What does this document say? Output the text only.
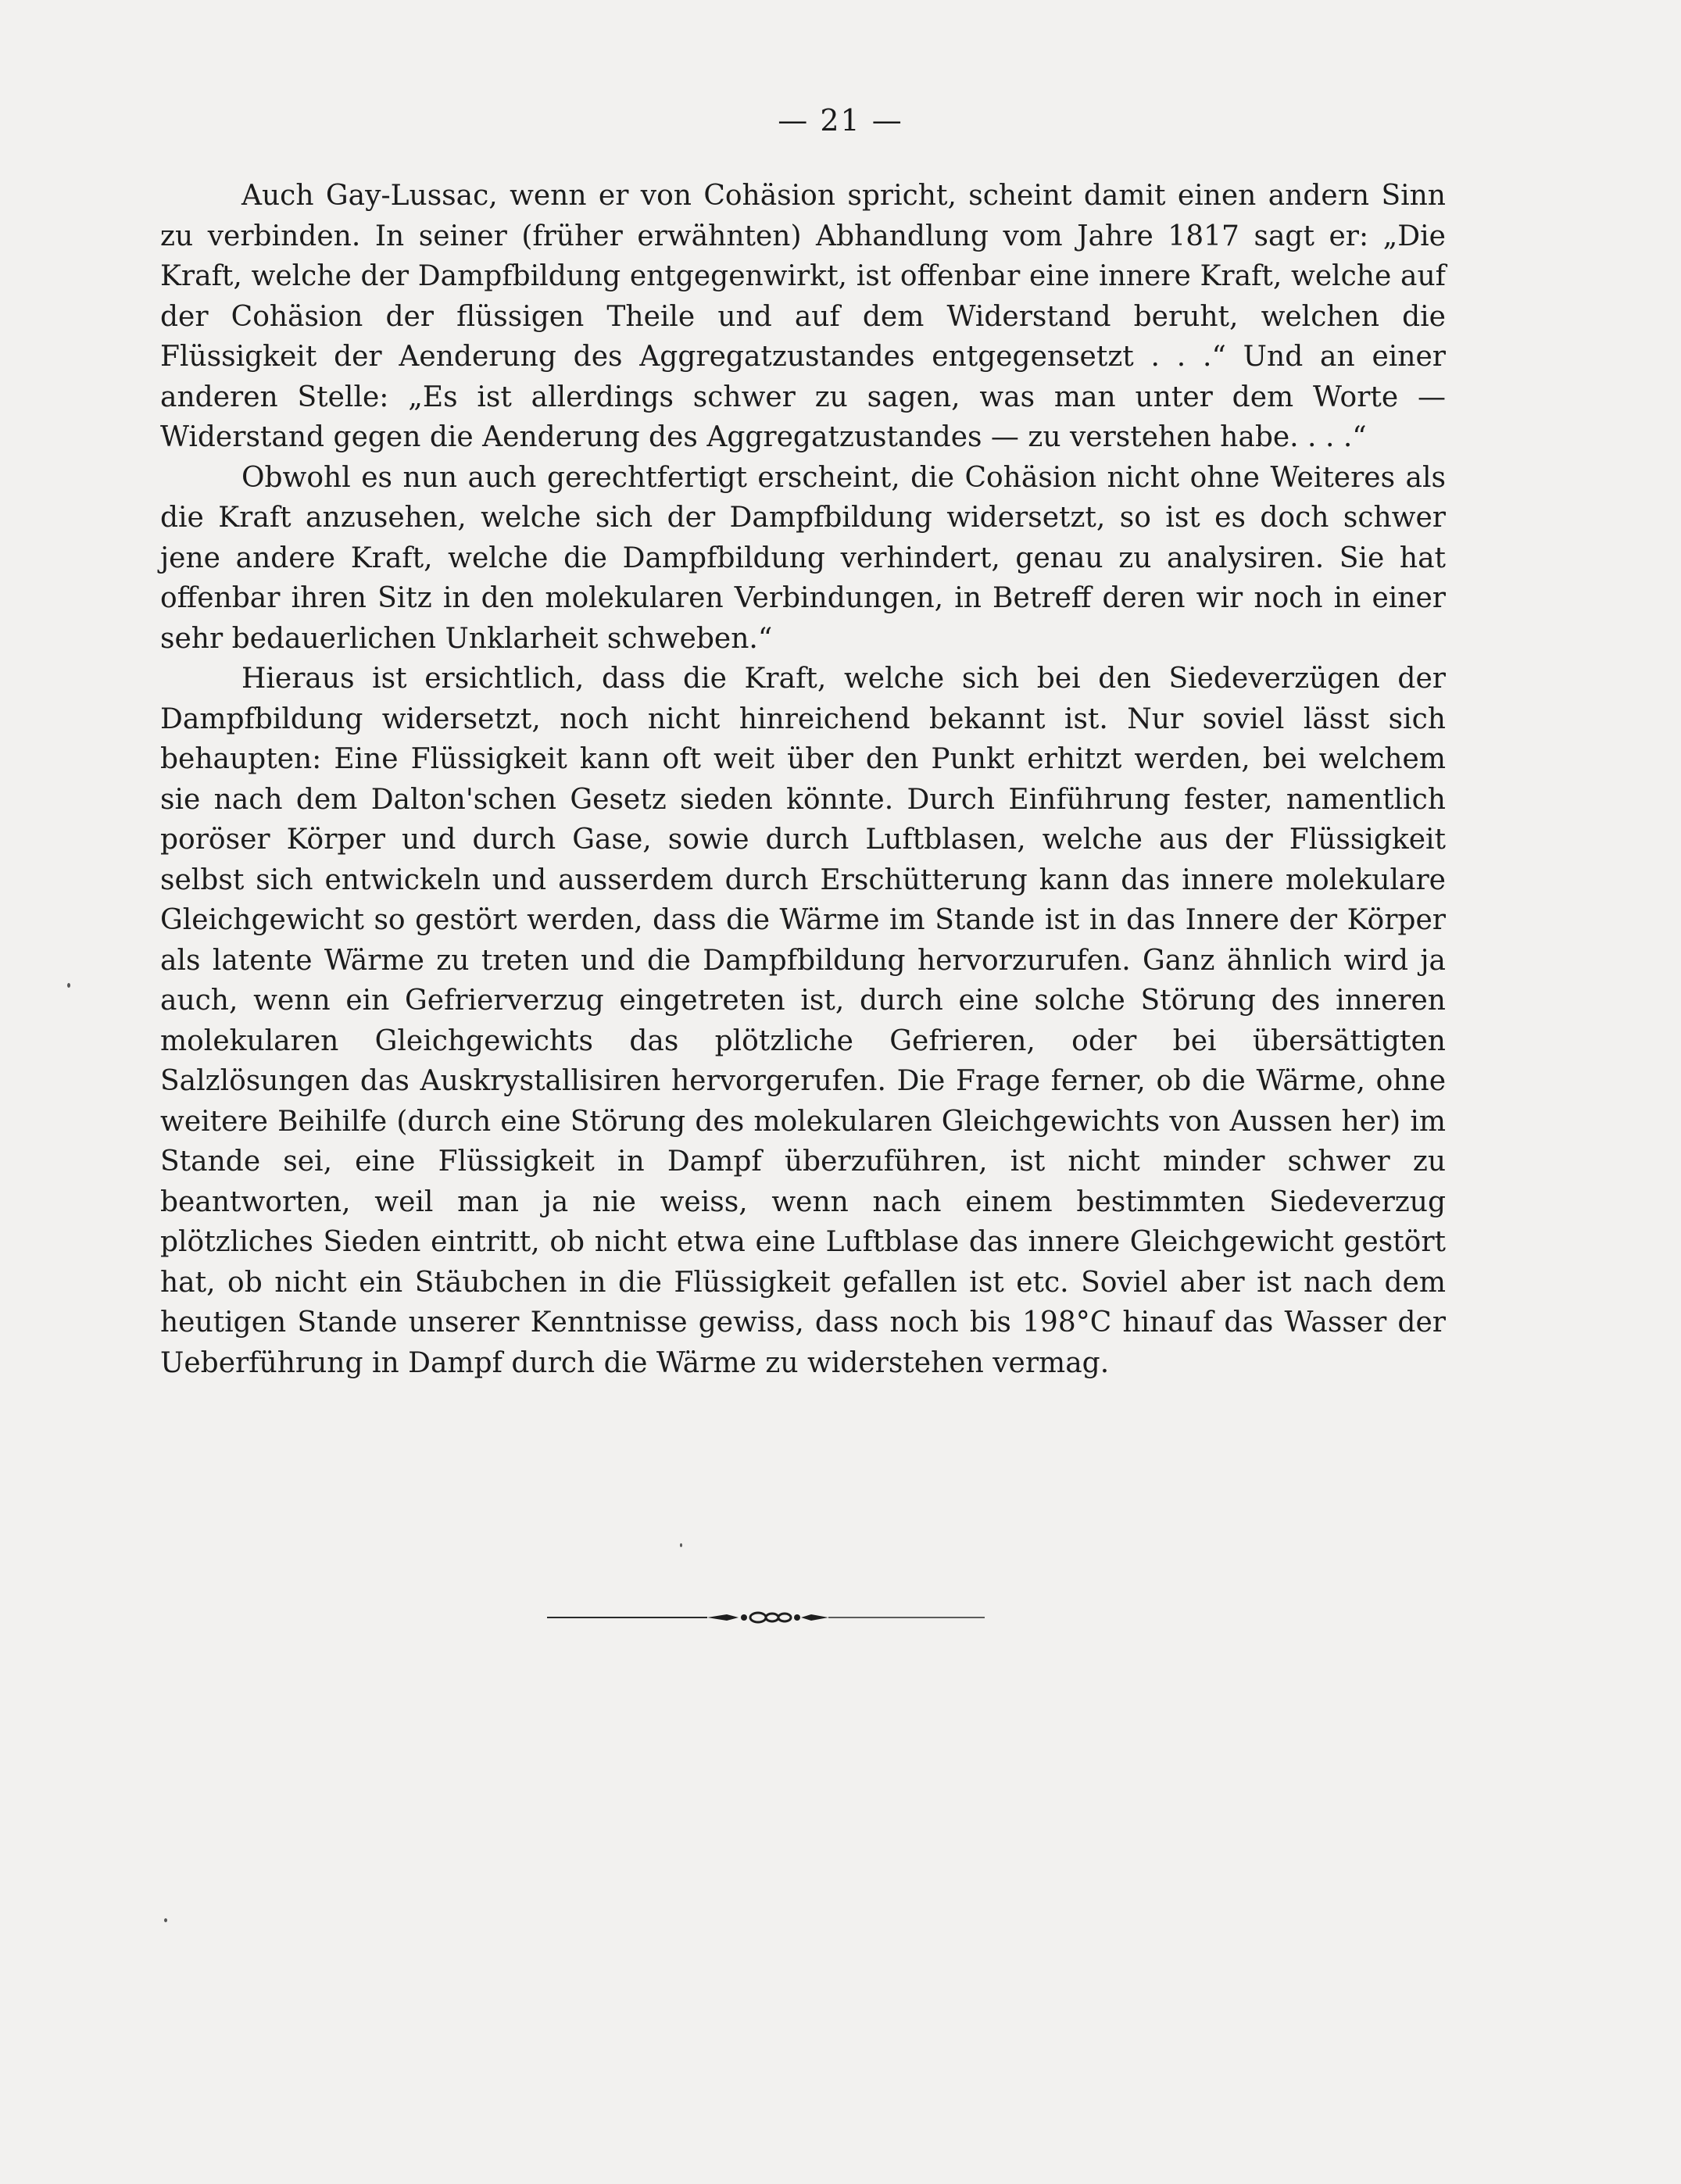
— 21 —

Auch Gay-Lussac, wenn er von Cohäsion spricht, scheint damit einen andern Sinn zu verbinden. In seiner (früher erwähnten) Abhandlung vom Jahre 1817 sagt er: „Die Kraft, welche der Dampfbildung entgegenwirkt, ist offenbar eine innere Kraft, welche auf der Cohäsion der flüssigen Theile und auf dem Widerstand beruht, welchen die Flüssigkeit der Aenderung des Aggregatzustandes entgegensetzt . . .“ Und an einer anderen Stelle: „Es ist allerdings schwer zu sagen, was man unter dem Worte — Widerstand gegen die Aenderung des Aggregatzustandes — zu verstehen habe. . . .“

Obwohl es nun auch gerechtfertigt erscheint, die Cohäsion nicht ohne Weiteres als die Kraft anzusehen, welche sich der Dampfbildung widersetzt, so ist es doch schwer jene andere Kraft, welche die Dampfbildung verhindert, genau zu analysiren. Sie hat offenbar ihren Sitz in den molekularen Verbindungen, in Betreff deren wir noch in einer sehr bedauerlichen Unklarheit schweben.“

Hieraus ist ersichtlich, dass die Kraft, welche sich bei den Siedeverzügen der Dampfbildung widersetzt, noch nicht hinreichend bekannt ist. Nur soviel lässt sich behaupten: Eine Flüssigkeit kann oft weit über den Punkt erhitzt werden, bei welchem sie nach dem Dalton'schen Gesetz sieden könnte. Durch Einführung fester, namentlich poröser Körper und durch Gase, sowie durch Luftblasen, welche aus der Flüssigkeit selbst sich entwickeln und ausserdem durch Erschütterung kann das innere molekulare Gleichgewicht so gestört werden, dass die Wärme im Stande ist in das Innere der Körper als latente Wärme zu treten und die Dampfbildung hervorzurufen. Ganz ähnlich wird ja auch, wenn ein Gefrierverzug eingetreten ist, durch eine solche Störung des inneren molekularen Gleichgewichts das plötzliche Gefrieren, oder bei übersättigten Salzlösungen das Auskrystallisiren hervorgerufen. Die Frage ferner, ob die Wärme, ohne weitere Beihilfe (durch eine Störung des molekularen Gleichgewichts von Aussen her) im Stande sei, eine Flüssigkeit in Dampf überzuführen, ist nicht minder schwer zu beantworten, weil man ja nie weiss, wenn nach einem bestimmten Siedeverzug plötzliches Sieden eintritt, ob nicht etwa eine Luftblase das innere Gleichgewicht gestört hat, ob nicht ein Stäubchen in die Flüssigkeit gefallen ist etc. Soviel aber ist nach dem heutigen Stande unserer Kenntnisse gewiss, dass noch bis 198°C hinauf das Wasser der Ueberführung in Dampf durch die Wärme zu widerstehen vermag.
